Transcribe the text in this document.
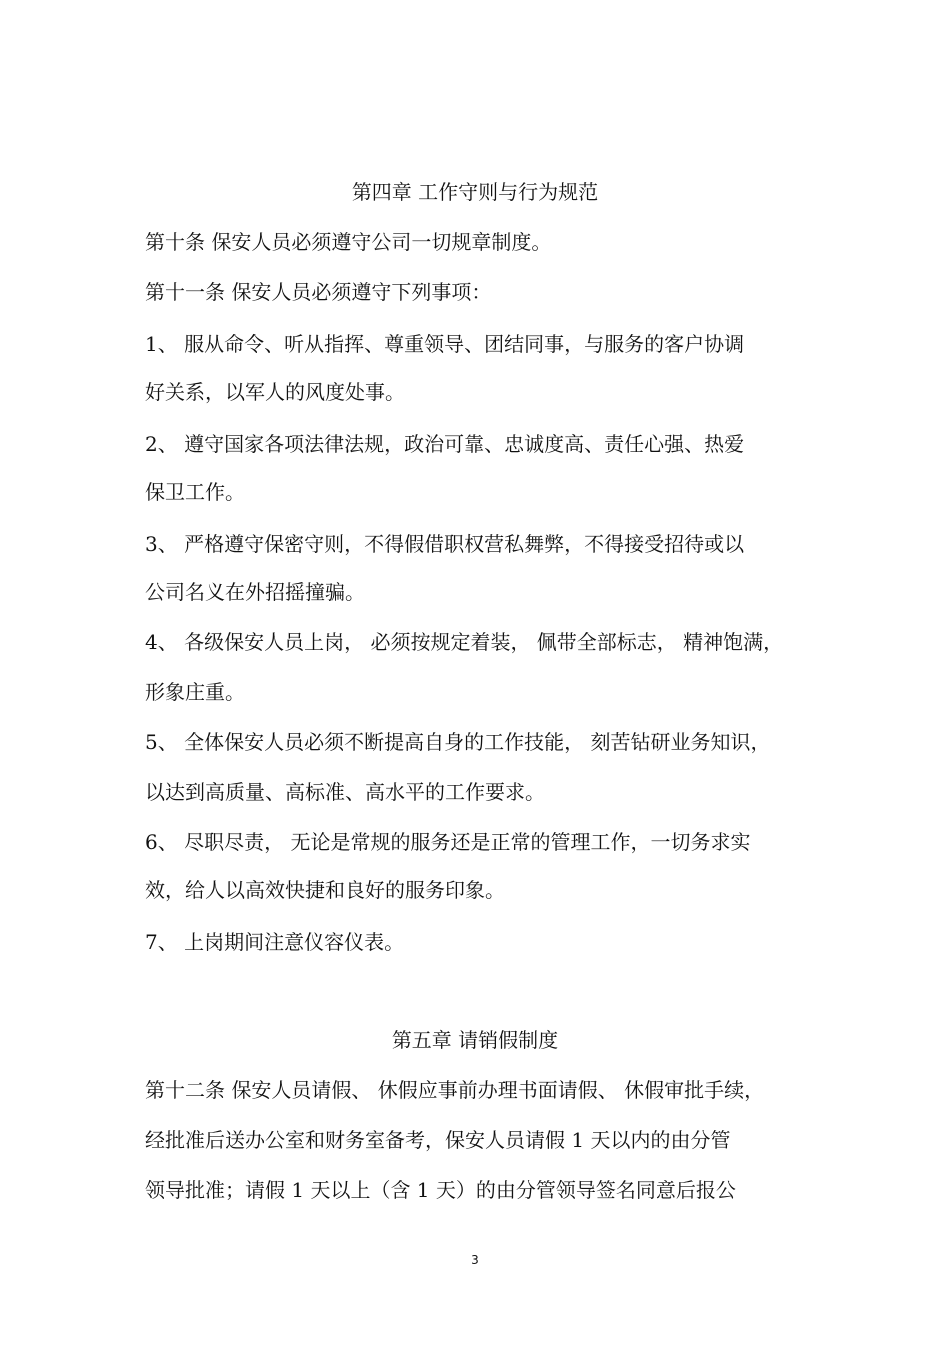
第四章 工作守则与行为规范
第十条 保安人员必须遵守公司一切规章制度。
第十一条 保安人员必须遵守下列事项：
1、 服从命令、听从指挥、尊重领导、团结同事，与服务的客户协调
好关系，以军人的风度处事。
2、 遵守国家各项法律法规，政治可靠、忠诚度高、责任心强、热爱
保卫工作。
3、 严格遵守保密守则，不得假借职权营私舞弊，不得接受招待或以
公司名义在外招摇撞骗。
4、 各级保安人员上岗， 必须按规定着装， 佩带全部标志， 精神饱满，
形象庄重。
5、 全体保安人员必须不断提高自身的工作技能， 刻苦钻研业务知识，
以达到高质量、高标准、高水平的工作要求。
6、 尽职尽责， 无论是常规的服务还是正常的管理工作，一切务求实
效，给人以高效快捷和良好的服务印象。
7、 上岗期间注意仪容仪表。
第五章 请销假制度
第十二条 保安人员请假、 休假应事前办理书面请假、 休假审批手续，
经批准后送办公室和财务室备考，保安人员请假 1 天以内的由分管
领导批准；请假 1 天以上（含 1 天）的由分管领导签名同意后报公
3
